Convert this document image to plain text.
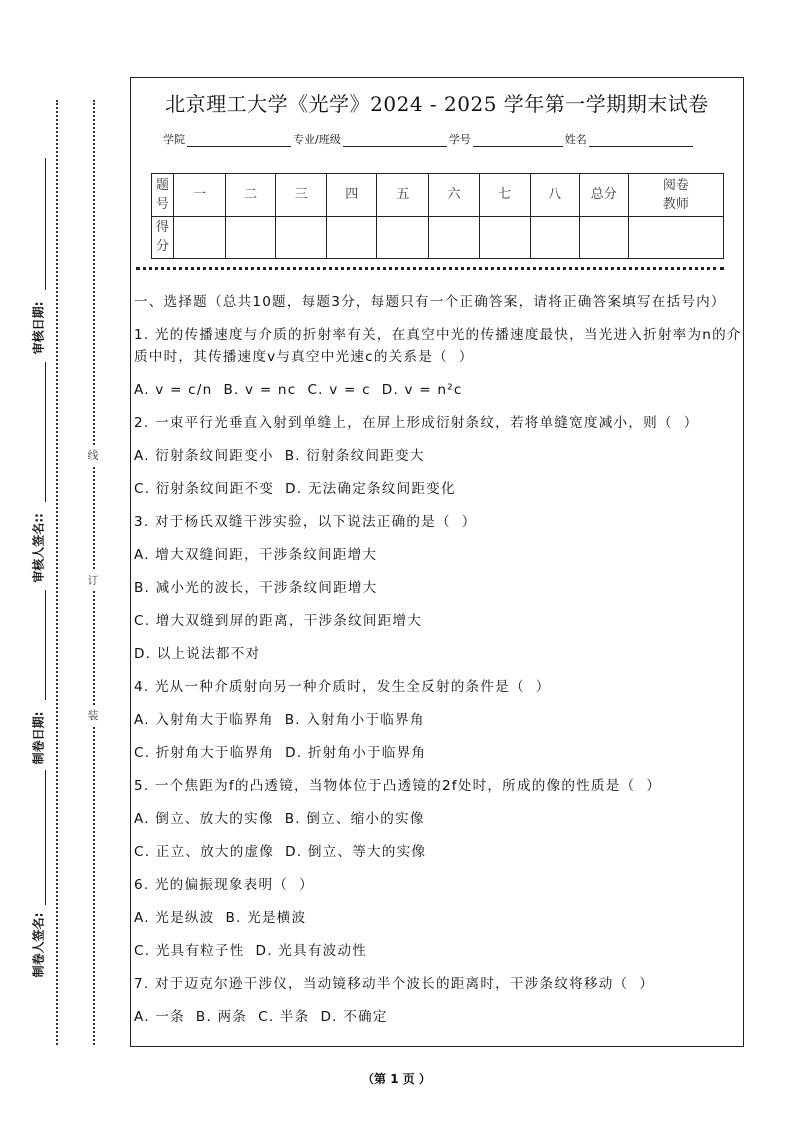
审核日期:
审核人签名::
制卷日期:
制卷人签名:
线
订
装
北京理工大学《光学》2024 - 2025 学年第一学期期末试卷
学院	专业/班级	学号	姓名
题号	一	二	三	四	五	六	七	八	总分	阅卷教师
得分										

一、选择题（总共10题，每题3分，每题只有一个正确答案，请将正确答案填写在括号内）

1. 光的传播速度与介质的折射率有关，在真空中光的传播速度最快，当光进入折射率为n的介质中时，其传播速度v与真空中光速c的关系是（  ）

A. v = c/n  B. v = nc  C. v = c  D. v = n²c

2. 一束平行光垂直入射到单缝上，在屏上形成衍射条纹，若将单缝宽度减小，则（  ）

A. 衍射条纹间距变小  B. 衍射条纹间距变大

C. 衍射条纹间距不变  D. 无法确定条纹间距变化

3. 对于杨氏双缝干涉实验，以下说法正确的是（  ）

A. 增大双缝间距，干涉条纹间距增大

B. 减小光的波长，干涉条纹间距增大

C. 增大双缝到屏的距离，干涉条纹间距增大

D. 以上说法都不对

4. 光从一种介质射向另一种介质时，发生全反射的条件是（  ）

A. 入射角大于临界角  B. 入射角小于临界角

C. 折射角大于临界角  D. 折射角小于临界角

5. 一个焦距为f的凸透镜，当物体位于凸透镜的2f处时，所成的像的性质是（  ）

A. 倒立、放大的实像  B. 倒立、缩小的实像

C. 正立、放大的虚像  D. 倒立、等大的实像

6. 光的偏振现象表明（  ）

A. 光是纵波  B. 光是横波

C. 光具有粒子性  D. 光具有波动性

7. 对于迈克尔逊干涉仪，当动镜移动半个波长的距离时，干涉条纹将移动（  ）

A. 一条  B. 两条  C. 半条  D. 不确定

（第 1 页 ）
